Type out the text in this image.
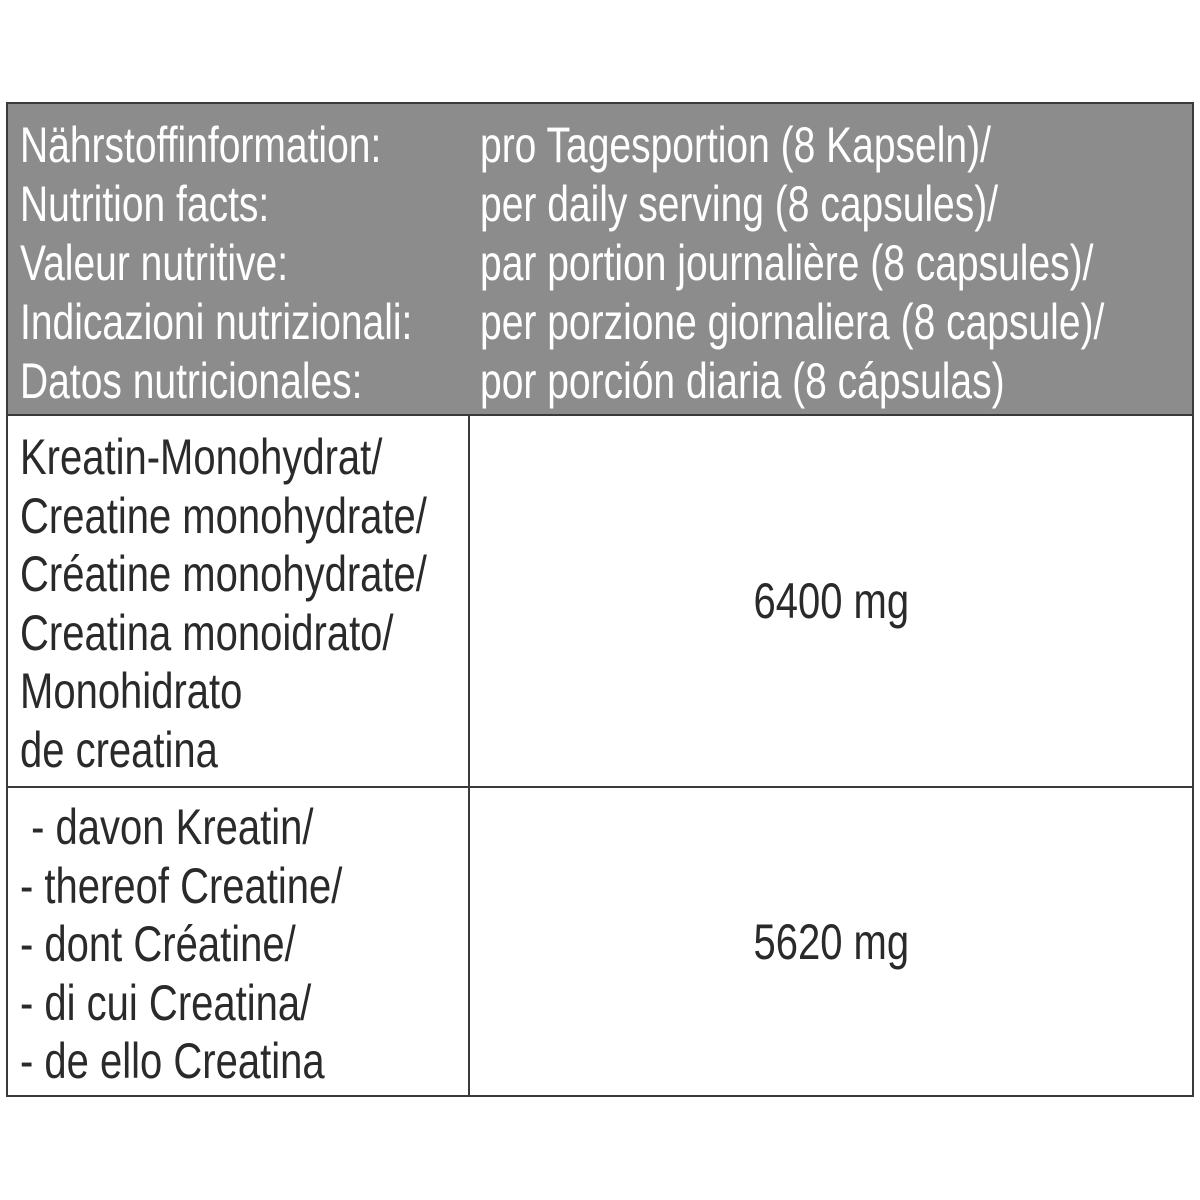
Nährstoffinformation:
Nutrition facts:
Valeur nutritive:
Indicazioni nutrizionali:
Datos nutricionales:
pro Tagesportion (8 Kapseln)/
per daily serving (8 capsules)/
par portion journalière (8 capsules)/
per porzione giornaliera (8 capsule)/
por porción diaria (8 cápsulas)
Kreatin-Monohydrat/
Creatine monohydrate/
Créatine monohydrate/
Creatina monoidrato/
Monohidrato
de creatina
6400 mg
- davon Kreatin/
- thereof Creatine/
- dont Créatine/
- di cui Creatina/
- de ello Creatina
5620 mg
